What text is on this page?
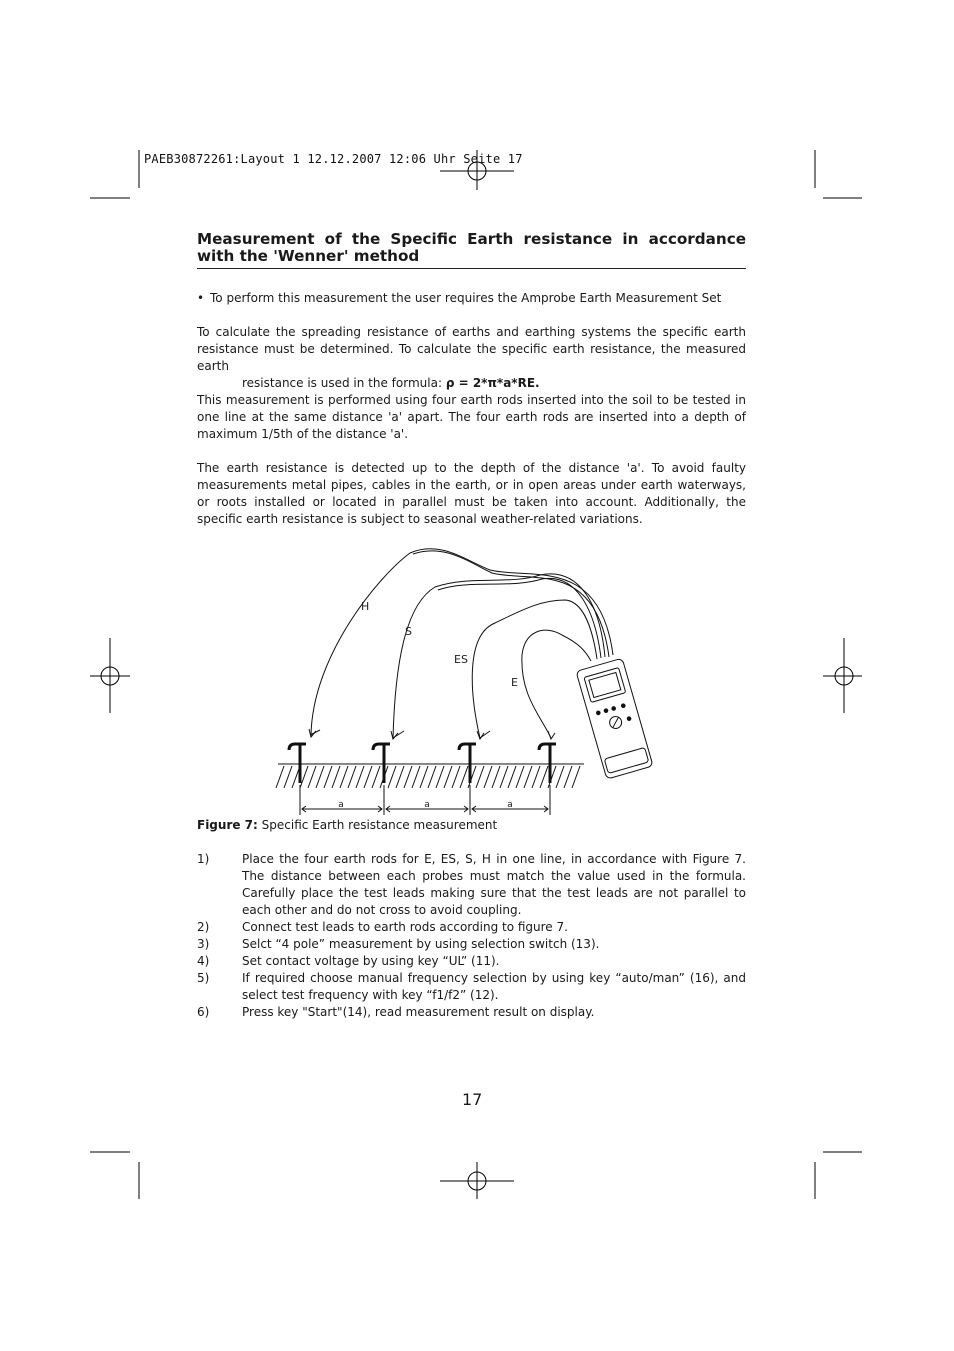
PAEB30872261:Layout 1 12.12.2007 12:06 Uhr Seite 17
Measurement of the Specific Earth resistance in accordance with the 'Wenner' method
• To perform this measurement the user requires the Amprobe Earth Measurement Set
To calculate the spreading resistance of earths and earthing systems the specific earth resistance must be determined. To calculate the specific earth resistance, the measured earth
resistance is used in the formula: ρ = 2*π*a*RE.
This measurement is performed using four earth rods inserted into the soil to be tested in one line at the same distance 'a' apart. The four earth rods are inserted into a depth of maximum 1/5th of the distance 'a'.
The earth resistance is detected up to the depth of the distance 'a'. To avoid faulty measurements metal pipes, cables in the earth, or in open areas under earth waterways, or roots installed or located in parallel must be taken into account. Additionally, the specific earth resistance is subject to seasonal weather-related variations.
H
S
ES
E
a	a	a
Figure 7: Specific Earth resistance measurement
1)	Place the four earth rods for E, ES, S, H in one line, in accordance with Figure 7. The distance between each probes must match the value used in the formula. Carefully place the test leads making sure that the test leads are not parallel to each other and do not cross to avoid coupling.
2)	Connect test leads to earth rods according to figure 7.
3)	Selct “4 pole” measurement by using selection switch (13).
4)	Set contact voltage by using key “UL” (11).
5)	If required choose manual frequency selection by using key “auto/man” (16), and select test frequency with key “f1/f2” (12).
6)	Press key "Start"(14), read measurement result on display.
17
